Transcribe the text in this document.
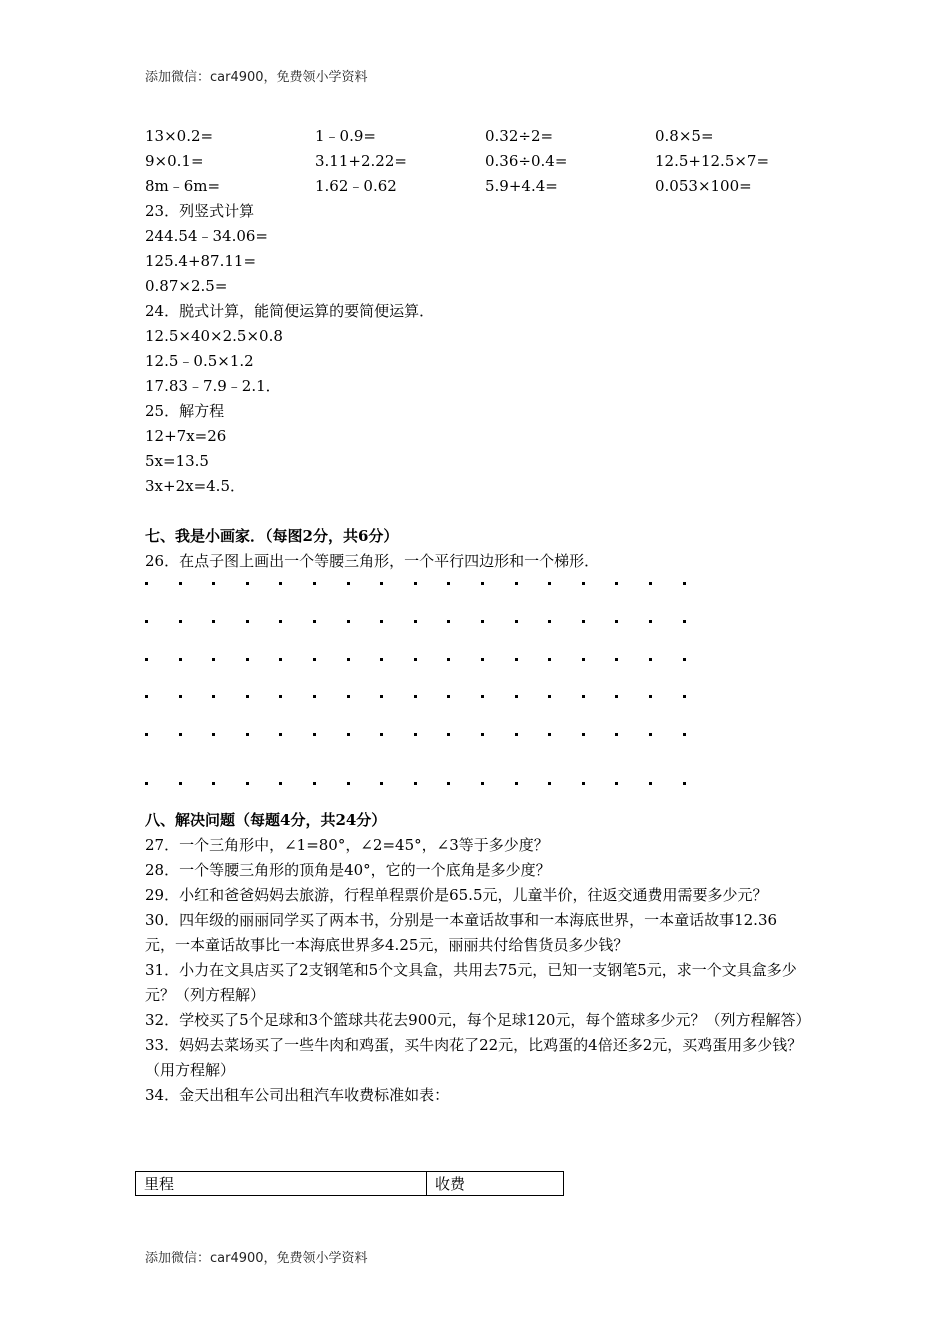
添加微信：car4900，免费领小学资料
13×0.2=	1﹣0.9=	0.32÷2=	0.8×5=
9×0.1=	3.11+2.22=	0.36÷0.4=	12.5+12.5×7=
8m﹣6m=	1.62﹣0.62	5.9+4.4=	0.053×100=
23．列竖式计算
244.54﹣34.06=
125.4+87.11=
0.87×2.5=
24．脱式计算，能简便运算的要简便运算．
12.5×40×2.5×0.8
12.5﹣0.5×1.2
17.83﹣7.9﹣2.1．
25．解方程
12+7x=26
5x=13.5
3x+2x=4.5．
七、我是小画家．（每图2分，共6分）
26．在点子图上画出一个等腰三角形，一个平行四边形和一个梯形．
八、解决问题（每题4分，共24分）
27．一个三角形中，∠1=80°，∠2=45°，∠3等于多少度？
28．一个等腰三角形的顶角是40°，它的一个底角是多少度？
29．小红和爸爸妈妈去旅游，行程单程票价是65.5元，儿童半价，往返交通费用需要多少元？
30．四年级的丽丽同学买了两本书，分别是一本童话故事和一本海底世界，一本童话故事12.36元，一本童话故事比一本海底世界多4.25元，丽丽共付给售货员多少钱？
31．小力在文具店买了2支钢笔和5个文具盒，共用去75元，已知一支钢笔5元，求一个文具盒多少元？（列方程解）
32．学校买了5个足球和3个篮球共花去900元，每个足球120元，每个篮球多少元？（列方程解答）
33．妈妈去菜场买了一些牛肉和鸡蛋，买牛肉花了22元，比鸡蛋的4倍还多2元，买鸡蛋用多少钱？（用方程解）
34．金天出租车公司出租汽车收费标准如表：
里程	收费
添加微信：car4900，免费领小学资料
